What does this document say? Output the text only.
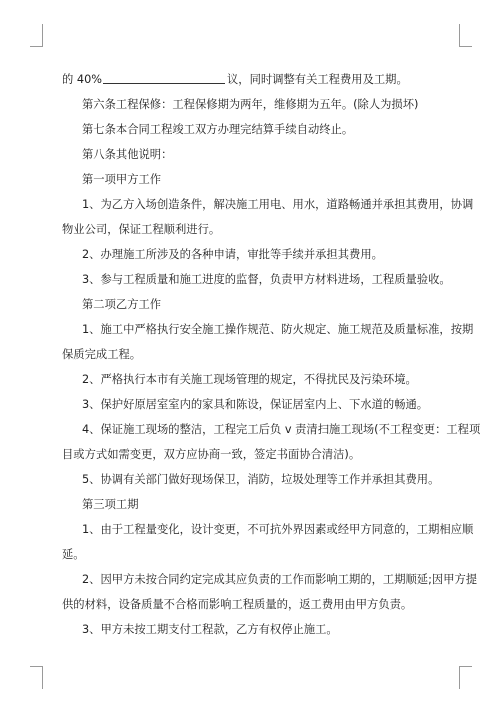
的 40%	议，同时调整有关工程费用及工期。
第六条工程保修：工程保修期为两年，维修期为五年。(除人为损坏)
第七条本合同工程竣工双方办理完结算手续自动终止。
第八条其他说明：
第一项甲方工作
1、为乙方入场创造条件，解决施工用电、用水，道路畅通并承担其费用，协调
物业公司，保证工程顺利进行。
2、办理施工所涉及的各种申请，审批等手续并承担其费用。
3、参与工程质量和施工进度的监督，负责甲方材料进场，工程质量验收。
第二项乙方工作
1、施工中严格执行安全施工操作规范、防火规定、施工规范及质量标准，按期
保质完成工程。
2、严格执行本市有关施工现场管理的规定，不得扰民及污染环境。
3、保护好原居室室内的家具和陈设，保证居室内上、下水道的畅通。
4、保证施工现场的整洁，工程完工后负 v 责清扫施工现场(不工程变更：工程项
目或方式如需变更，双方应协商一致，签定书面协合清洁)。
5、协调有关部门做好现场保卫，消防，垃圾处理等工作并承担其费用。
第三项工期
1、由于工程量变化，设计变更，不可抗外界因素或经甲方同意的，工期相应顺
延。
2、因甲方未按合同约定完成其应负责的工作而影响工期的，工期顺延;因甲方提
供的材料，设备质量不合格而影响工程质量的，返工费用由甲方负责。
3、甲方未按工期支付工程款，乙方有权停止施工。
